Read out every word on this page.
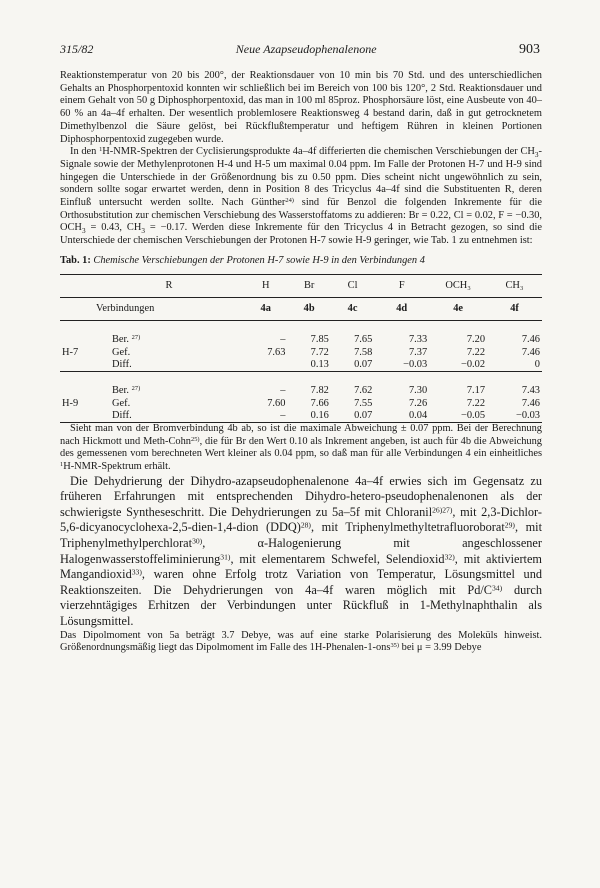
315/82	Neue Azapseudophenalenone	903

Reaktionstemperatur von 20 bis 200°, der Reaktionsdauer von 10 min bis 70 Std. und des unterschiedlichen Gehalts an Phosphorpentoxid konnten wir schließlich bei im Bereich von 100 bis 120°, 2 Std. Reaktionsdauer und einem Gehalt von 50 g Diphosphorpentoxid, das man in 100 ml 85proz. Phosphorsäure löst, eine Ausbeute von 40–60 % an 4a–4f erhalten. Der wesentlich problemlosere Reaktionsweg 4 bestand darin, daß in gut getrocknetem Dimethylbenzol die Säure gelöst, bei Rückflußtemperatur und heftigem Rühren in kleinen Portionen Diphosphorpentoxid zugegeben wurde.

In den $^1$H-NMR-Spektren der Cyclisierungsprodukte 4a–4f differierten die chemischen Verschiebungen der $CH_3$-Signale sowie der Methylenprotonen H-4 und H-5 um maximal 0.04 ppm. Im Falle der Protonen H-7 und H-9 sind hingegen die Unterschiede in der Größenordnung bis zu 0.50 ppm. Dies scheint nicht ungewöhnlich zu sein, sondern sollte sogar erwartet werden, denn in Position 8 des Tricyclus 4a–4f sind die Substituenten R, deren Einfluß untersucht werden sollte. Nach Günther$^{24)}$ sind für Benzol die folgenden Inkremente für die Orthosubstitution zur chemischen Verschiebung des Wasserstoffatoms zu addieren: Br = 0.22, Cl = 0.02, F = −0.30, $OCH_3 = 0.43$, $CH_3 = -0.17$. Werden diese Inkremente für den Tricyclus 4 in Betracht gezogen, so sind die Unterschiede der chemischen Verschiebungen der Protonen H-7 sowie H-9 geringer, wie Tab. 1 zu entnehmen ist:

Tab. 1: Chemische Verschiebungen der Protonen H-7 sowie H-9 in den Verbindungen 4
	R	H	Br	Cl	F	OCH₃	CH₃
	Verbindungen	4a	4b	4c	4d	4e	4f

	Ber. $^{27)}$	–	7.85	7.65	7.33	7.20	7.46
H-7	Gef.	7.63	7.72	7.58	7.37	7.22	7.46
	Diff.		0.13	0.07	−0.03	−0.02	0

	Ber. $^{27)}$	–	7.82	7.62	7.30	7.17	7.43
H-9	Gef.	7.60	7.66	7.55	7.26	7.22	7.46
	Diff.	–	0.16	0.07	0.04	−0.05	−0.03

Sieht man von der Bromverbindung 4b ab, so ist die maximale Abweichung ± 0.07 ppm. Bei der Berechnung nach Hickmott und Meth-Cohn$^{25)}$, die für Br den Wert 0.10 als Inkrement angeben, ist auch für 4b die Abweichung des gemessenen vom berechneten Wert kleiner als 0.04 ppm, so daß man für alle Verbindungen 4 ein einheitliches $^1$H-NMR-Spektrum erhält.

Die Dehydrierung der Dihydro-azapseudophenalenone 4a–4f erwies sich im Gegensatz zu früheren Erfahrungen mit entsprechenden Dihydro-hetero-pseudophenalenonen als der schwierigste Syntheseschritt. Die Dehydrierungen zu 5a–5f mit Chloranil$^{26)27)}$, mit 2,3-Dichlor-5,6-dicyanocyclohexa-2,5-dien-1,4-dion (DDQ)$^{28)}$, mit Triphenylmethyltetrafluoroborat$^{29)}$, mit Triphenylmethylperchlorat$^{30)}$, α-Halogenierung mit angeschlossener Halogenwasserstoffeliminierung$^{31)}$, mit elementarem Schwefel, Selendioxid$^{32)}$, mit aktiviertem Mangandioxid$^{33)}$, waren ohne Erfolg trotz Variation von Temperatur, Lösungsmittel und Reaktionszeiten. Die Dehydrierungen von 4a–4f waren möglich mit $Pd/C^{34)}$ durch vierzehntägiges Erhitzen der Verbindungen unter Rückfluß in 1-Methylnaphthalin als Lösungsmittel.

Das Dipolmoment von 5a beträgt 3.7 Debye, was auf eine starke Polarisierung des Moleküls hinweist. Größenordnungsmäßig liegt das Dipolmoment im Falle des 1H-Phenalen-1-ons$^{35)}$ bei μ = 3.99 Debye
